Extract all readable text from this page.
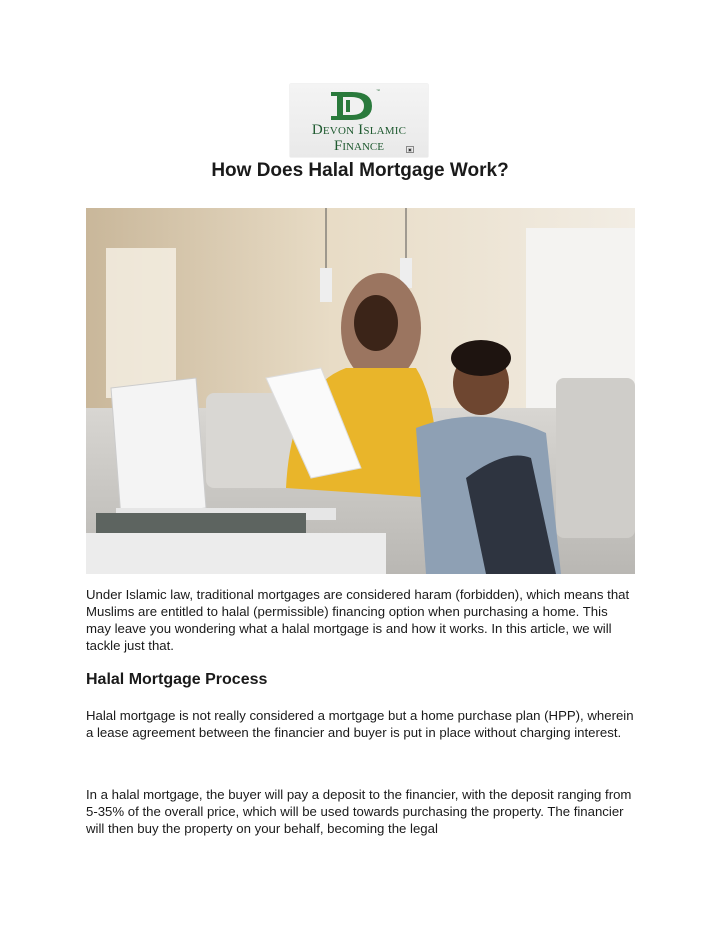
™
Devon Islamic
Finance	▣
How Does Halal Mortgage Work?

Under Islamic law, traditional mortgages are considered haram (forbidden), which means that Muslims are entitled to halal (permissible) financing option when purchasing a home. This may leave you wondering what a halal mortgage is and how it works. In this article, we will tackle just that.

Halal Mortgage Process

Halal mortgage is not really considered a mortgage but a home purchase plan (HPP), wherein a lease agreement between the financier and buyer is put in place without charging interest.

In a halal mortgage, the buyer will pay a deposit to the financier, with the deposit ranging from 5-35% of the overall price, which will be used towards purchasing the property. The financier will then buy the property on your behalf, becoming the legal
